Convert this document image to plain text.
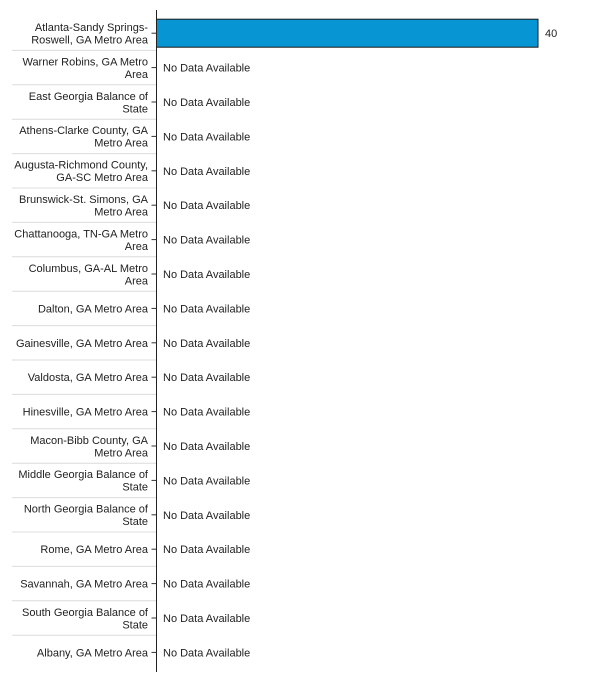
Atlanta-Sandy Springs-Roswell, GA Metro Area
40
Warner Robins, GA Metro Area
No Data Available
East Georgia Balance of State
No Data Available
Athens-Clarke County, GA Metro Area
No Data Available
Augusta-Richmond County, GA-SC Metro Area
No Data Available
Brunswick-St. Simons, GA Metro Area
No Data Available
Chattanooga, TN-GA Metro Area
No Data Available
Columbus, GA-AL Metro Area
No Data Available
Dalton, GA Metro Area No Data Available
Gainesville, GA Metro Area No Data Available
Valdosta, GA Metro Area No Data Available
Hinesville, GA Metro Area No Data Available
Macon-Bibb County, GA Metro Area
No Data Available
Middle Georgia Balance of State
No Data Available
North Georgia Balance of State
No Data Available
Rome, GA Metro Area No Data Available
Savannah, GA Metro Area No Data Available
South Georgia Balance of State
No Data Available
Albany, GA Metro Area No Data Available
